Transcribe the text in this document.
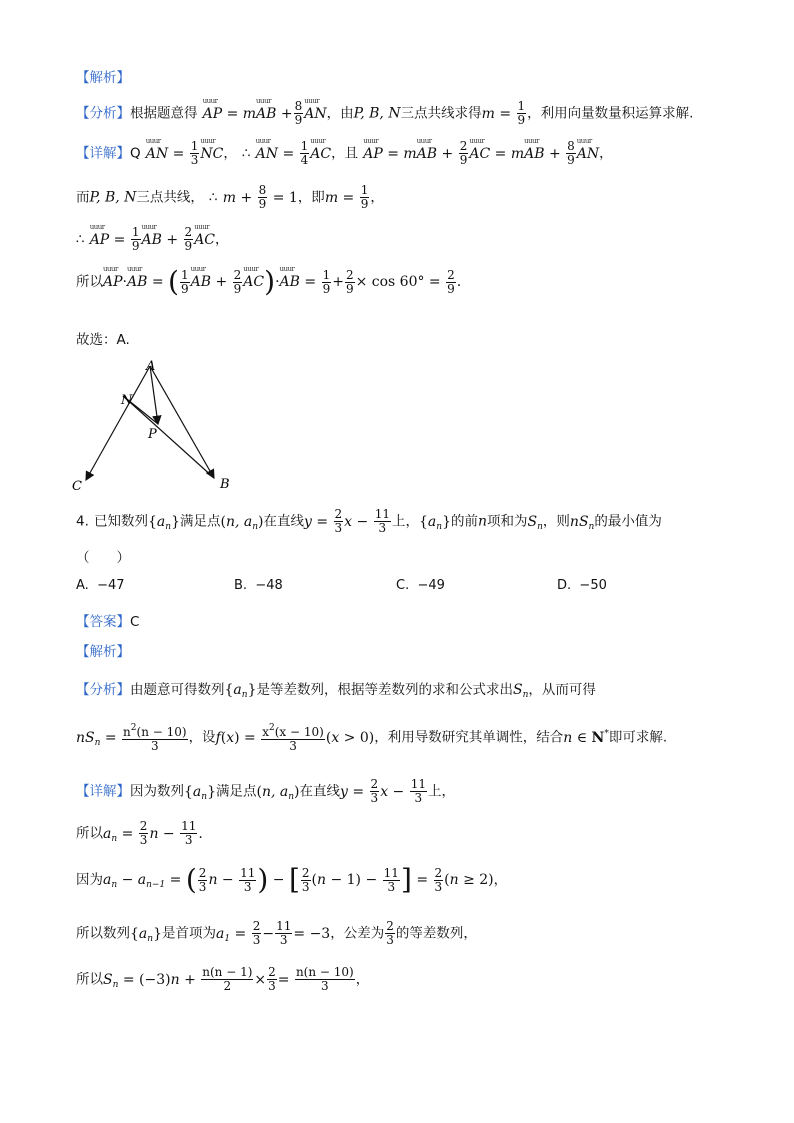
【解析】
【分析】根据题意得 uuur AP = muuur AB + $\frac{8}{9}$ uuur AN，由P, B, N三点共线求得$m = \frac{1}{9}$ ，利用向量数量积运算求解.
【详解】Q uuur AN = $\frac{1}{3}$ uuur NC， ∴ uuur AN = $\frac{1}{4}$ uuur AC，且 uuur AP = muuur AB + $\frac{2}{9}$ uuur AC = muuur AB + $\frac{8}{9}$ uuur AN，
而P, B, N三点共线， ∴ $m + \frac{8}{9} = 1$，即$m = \frac{1}{9}$ ，
∴ uuur AP = $\frac{1}{9}$ uuur AB + $\frac{2}{9}$ uuur AC，
所以uuur AP·uuur AB = ( $\frac{1}{9}$ uuur AB + $\frac{2}{9}$ uuur AC)·uuur AB = $\frac{1}{9} + \frac{2}{9} \times \cos 60^\circ = \frac{2}{9}$ .
故选：A.
A
B
C
N
P
4. 已知数列$\{a_n\}$满足点(n, $a_n$)在直线$y = \frac{2}{3}$ $x - \frac{11}{3}$ 上，$\{a_n\}$的前n项和为$S_n$，则$nS_n$的最小值为
（　　）
A. −47	B. −48	C. −49	D. −50
【答案】C
【解析】
【分析】由题意可得数列$\{a_n\}$是等差数列，根据等差数列的求和公式求出$S_n$，从而可得
$nS_n = \frac{n^2(n - 10)}{3}$ ，设$f(x) = \frac{x^2(x - 10)}{3} (x > 0)$，利用导数研究其单调性，结合n ∈ N*即可求解.
【详解】因为数列$\{a_n\}$满足点(n, $a_n$)在直线$y = \frac{2}{3}$ $x - \frac{11}{3}$ 上，
所以$a_n = \frac{2}{3}$ $n - \frac{11}{3}$ .
因为$a_n - a_{n-1}$ = ( $\frac{2}{3}$ $n - \frac{11}{3}$ ) − [ $\frac{2}{3} (n - 1) - \frac{11}{3}$ ] = $\frac{2}{3} (n \ge 2)$，
所以数列$\{a_n\}$是首项为$a_1 = \frac{2}{3} - \frac{11}{3} = -3$，公差为 $\frac{2}{3}$ 的等差数列，
所以$S_n = (-3)n + \frac{n(n - 1)}{2} \times \frac{2}{3} = \frac{n(n - 10)}{3}$ ，
